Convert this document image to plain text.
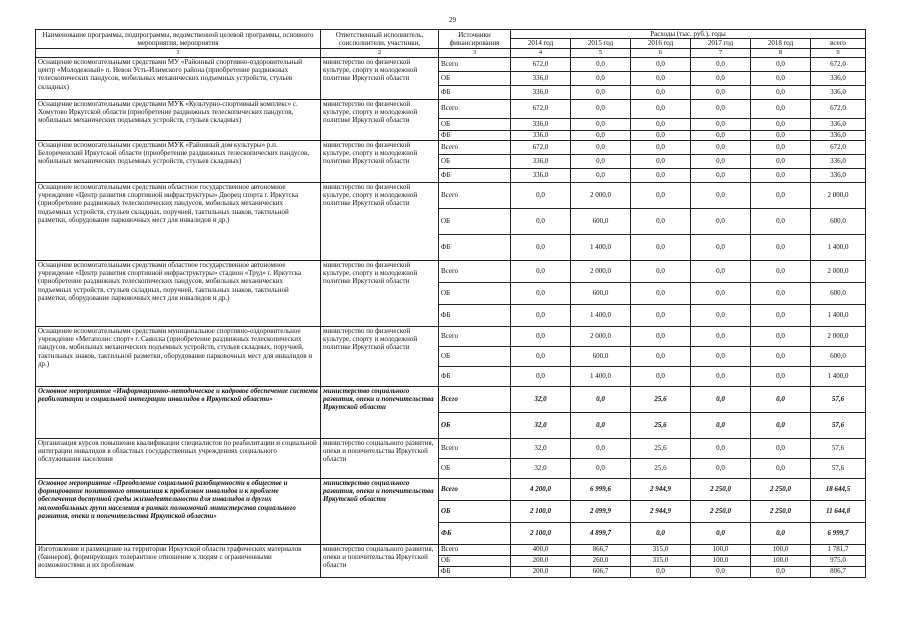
29
Наименование программы, подпрограммы, ведомственной целевой программы, основного мероприятия, мероприятия	Ответственный исполнитель, соисполнители, участники,	Источники финансирования	Расходы (тыс. руб.), годы					
			2014 год	2015 год	2016 год	2017 год	2018 год	всего
1	2	3	4	5	6	7	8	9
Оснащение вспомогательными средствами МУ «Районный спортивно-оздоровительный центр «Молодежный» п. Невон Усть-Илимского района (приобретение раздвижных телескопических пандусов, мобильных механических подъемных устройств, стульев складных)	министерство по физической культуре, спорту и молодежной политике Иркутской области	Всего	672,0	0,0	0,0	0,0	0,0	672,0
		ОБ	336,0	0,0	0,0	0,0	0,0	336,0
		ФБ	336,0	0,0	0,0	0,0	0,0	336,0
Оснащение вспомогательными средствами МУК «Культурно-спортивный комплекс» с. Хомутово Иркутской области (приобретение раздвижных телескопических пандусов, мобильных механических подъемных устройств, стульев складных)	министерство по физической культуре, спорту и молодежной политике Иркутской области	Всего	672,0	0,0	0,0	0,0	0,0	672,0
		ОБ	336,0	0,0	0,0	0,0	0,0	336,0
		ФБ	336,0	0,0	0,0	0,0	0,0	336,0
Оснащение вспомогательными средствами МУК «Районный дом культуры» р.п. Белореченский Иркутской области (приобретение раздвижных телескопических пандусов, мобильных механических подъемных устройств, стульев складных)	министерство по физической культуре, спорту и молодежной политике Иркутской области	Всего	672,0	0,0	0,0	0,0	0,0	672,0
		ОБ	336,0	0,0	0,0	0,0	0,0	336,0
		ФБ	336,0	0,0	0,0	0,0	0,0	336,0
Оснащение вспомогательными средствами областное государственное автономное учреждение «Центр развития спортивной инфраструктуры» Дворец спорта г. Иркутска (приобретение раздвижных телескопических пандусов, мобильных механических подъемных устройств, стульев складных, поручней, тактильных знаков, тактильной разметки, оборудование парковочных мест для инвалидов и др.)	министерство по физической культуре, спорту и молодежной политике Иркутской области	Всего	0,0	2 000,0	0,0	0,0	0,0	2 000,0
		ОБ	0,0	600,0	0,0	0,0	0,0	600,0
		ФБ	0,0	1 400,0	0,0	0,0	0,0	1 400,0
Оснащение вспомогательными средствами областное государственное автономное учреждение «Центр развития спортивной инфраструктуры» стадион «Труд» г. Иркутска (приобретение раздвижных телескопических пандусов, мобильных механических подъемных устройств, стульев складных, поручней, тактильных знаков, тактильной разметки, оборудование парковочных мест для инвалидов и др.)	министерство по физической культуре, спорту и молодежной политике Иркутской области	Всего	0,0	2 000,0	0,0	0,0	0,0	2 000,0
		ОБ	0,0	600,0	0,0	0,0	0,0	600,0
		ФБ	0,0	1 400,0	0,0	0,0	0,0	1 400,0
Оснащение вспомогательными средствами муниципальное спортивно-оздоровительное учреждение «Мегаполис спорт» г. Саянска (приобретение раздвижных телескопических пандусов, мобильных механических подъемных устройств, стульев складных, поручней, тактильных знаков, тактильной разметки, оборудование парковочных мест для инвалидов и др.)	министерство по физической культуре, спорту и молодежной политике Иркутской области	Всего	0,0	2 000,0	0,0	0,0	0,0	2 000,0
		ОБ	0,0	600,0	0,0	0,0	0,0	600,0
		ФБ	0,0	1 400,0	0,0	0,0	0,0	1 400,0
Основное мероприятие «Информационно-методическое и кадровое обеспечение системы реабилитации и социальной интеграции инвалидов в Иркутской области»	министерство социального развития, опеки и попечительства Иркутской области	Всего	32,0	0,0	25,6	0,0	0,0	57,6
		ОБ	32,0	0,0	25,6	0,0	0,0	57,6
Организация курсов повышения квалификации специалистов по реабилитации и социальной интеграции инвалидов в областных государственных учреждениях социального обслуживания населения	министерство социального развития, опеки и попечительства Иркутской области	Всего	32,0	0,0	25,6	0,0	0,0	57,6
		ОБ	32,0	0,0	25,6	0,0	0,0	57,6
Основное мероприятие «Преодоление социальной разобщенности в обществе и формирование позитивного отношения к проблемам инвалидов и к проблеме обеспечения доступной среды жизнедеятельности для инвалидов и других маломобильных групп населения в рамках полномочий министерства социального развития, опеки и попечительства Иркутской области»	министерство социального развития, опеки и попечительства Иркутской области	Всего	4 200,0	6 999,6	2 944,9	2 250,0	2 250,0	18 644,5
		ОБ	2 100,0	2 099,9	2 944,9	2 250,0	2 250,0	11 644,8
		ФБ	2 100,0	4 899,7	0,0	0,0	0,0	6 999,7
Изготовление и размещение на территории Иркутской области графических материалов (баннеров), формирующих толерантное отношение к людям с ограниченными возможностями и их проблемам	министерство социального развития, опеки и попечительства Иркутской области	Всего	400,0	866,7	315,0	100,0	100,0	1 781,7
		ОБ	200,0	260,0	315,0	100,0	100,0	975,0
		ФБ	200,0	606,7	0,0	0,0	0,0	806,7
